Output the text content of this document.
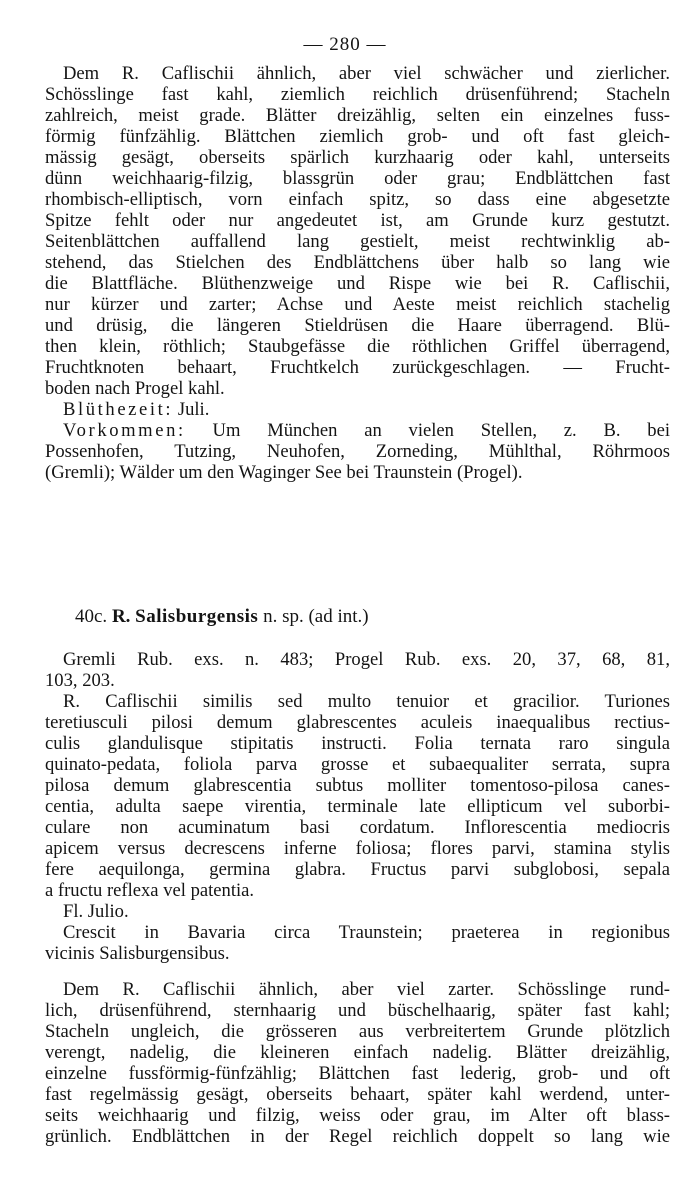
— 280 —
Dem R. Caflischii ähnlich, aber viel schwächer und zierlicher.
Schösslinge fast kahl, ziemlich reichlich drüsenführend; Stacheln
zahlreich, meist grade. Blätter dreizählig, selten ein einzelnes fuss-
förmig fünfzählig. Blättchen ziemlich grob- und oft fast gleich-
mässig gesägt, oberseits spärlich kurzhaarig oder kahl, unterseits
dünn weichhaarig-filzig, blassgrün oder grau; Endblättchen fast
rhombisch-elliptisch, vorn einfach spitz, so dass eine abgesetzte
Spitze fehlt oder nur angedeutet ist, am Grunde kurz gestutzt.
Seitenblättchen auffallend lang gestielt, meist rechtwinklig ab-
stehend, das Stielchen des Endblättchens über halb so lang wie
die Blattfläche. Blüthenzweige und Rispe wie bei R. Caflischii,
nur kürzer und zarter; Achse und Aeste meist reichlich stachelig
und drüsig, die längeren Stieldrüsen die Haare überragend. Blü-
then klein, röthlich; Staubgefässe die röthlichen Griffel überragend,
Fruchtknoten behaart, Fruchtkelch zurückgeschlagen. — Frucht-
boden nach Progel kahl.
Blüthezeit: Juli.
Vorkommen: Um München an vielen Stellen, z. B. bei
Possenhofen, Tutzing, Neuhofen, Zorneding, Mühlthal, Röhrmoos
(Gremli); Wälder um den Waginger See bei Traunstein (Progel).
40c. R. Salisburgensis n. sp. (ad int.)
Gremli Rub. exs. n. 483; Progel Rub. exs. 20, 37, 68, 81,
103, 203.
R. Caflischii similis sed multo tenuior et gracilior. Turiones
teretiusculi pilosi demum glabrescentes aculeis inaequalibus rectius-
culis glandulisque stipitatis instructi. Folia ternata raro singula
quinato-pedata, foliola parva grosse et subaequaliter serrata, supra
pilosa demum glabrescentia subtus molliter tomentoso-pilosa canes-
centia, adulta saepe virentia, terminale late ellipticum vel suborbi-
culare non acuminatum basi cordatum. Inflorescentia mediocris
apicem versus decrescens inferne foliosa; flores parvi, stamina stylis
fere aequilonga, germina glabra. Fructus parvi subglobosi, sepala
a fructu reflexa vel patentia.
Fl. Julio.
Crescit in Bavaria circa Traunstein; praeterea in regionibus
vicinis Salisburgensibus.
Dem R. Caflischii ähnlich, aber viel zarter. Schösslinge rund-
lich, drüsenführend, sternhaarig und büschelhaarig, später fast kahl;
Stacheln ungleich, die grösseren aus verbreitertem Grunde plötzlich
verengt, nadelig, die kleineren einfach nadelig. Blätter dreizählig,
einzelne fussförmig-fünfzählig; Blättchen fast lederig, grob- und oft
fast regelmässig gesägt, oberseits behaart, später kahl werdend, unter-
seits weichhaarig und filzig, weiss oder grau, im Alter oft blass-
grünlich. Endblättchen in der Regel reichlich doppelt so lang wie
